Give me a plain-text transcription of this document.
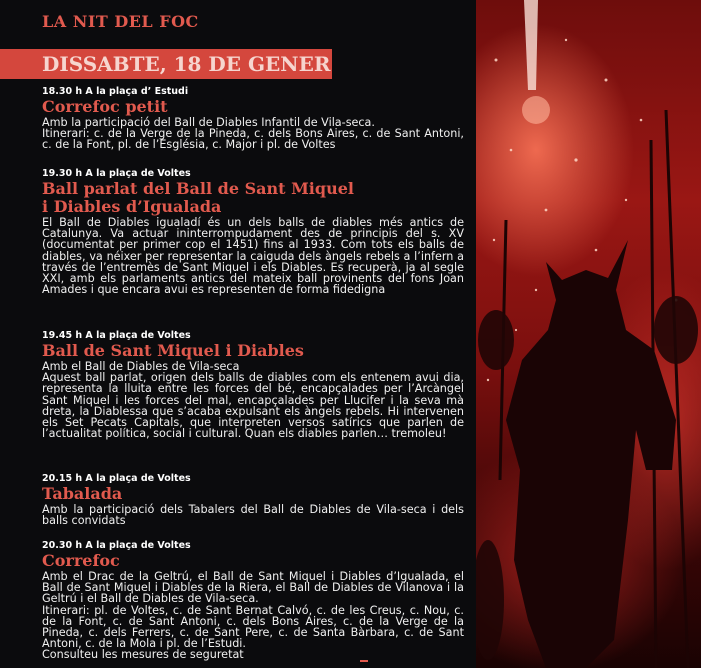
LA NIT DEL FOC
DISSABTE, 18 DE GENER
18.30 h A la plaça d’ Estudi
Correfoc petit

Amb la participació del Ball de Diables Infantil de Vila-seca.

Itinerari: c. de la Verge de la Pineda, c. dels Bons Aires, c. de Sant Antoni, c. de la Font, pl. de l’Església, c. Major i pl. de Voltes

19.30 h A la plaça de Voltes
Ball parlat del Ball de Sant Miquel i Diables d’Igualada

El Ball de Diables igualadí és un dels balls de diables més antics de Catalunya. Va actuar ininterrompudament des de principis del s. XV (documentat per primer cop el 1451) fins al 1933. Com tots els balls de diables, va néixer per representar la caiguda dels àngels rebels a l’infern a través de l’entremès de Sant Miquel i els Diables. Es recuperà, ja al segle XXI, amb els parlaments antics del mateix ball provinents del fons Joan Amades i que encara avui es representen de forma fidedigna

19.45 h A la plaça de Voltes
Ball de Sant Miquel i Diables

Amb el Ball de Diables de Vila-seca

Aquest ball parlat, origen dels balls de diables com els entenem avui dia, representa la lluita entre les forces del bé, encapçalades per l’Arcàngel Sant Miquel i les forces del mal, encapçalades per Llucifer i la seva mà dreta, la Diablessa que s’acaba expulsant els àngels rebels. Hi intervenen els Set Pecats Capitals, que interpreten versos satírics que parlen de l’actualitat política, social i cultural. Quan els diables parlen… tremoleu!

20.15 h A la plaça de Voltes
Tabalada

Amb la participació dels Tabalers del Ball de Diables de Vila-seca i dels balls convidats

20.30 h A la plaça de Voltes
Correfoc

Amb el Drac de la Geltrú, el Ball de Sant Miquel i Diables d’Igualada, el Ball de Sant Miquel i Diables de la Riera, el Ball de Diables de Vilanova i la Geltrú i el Ball de Diables de Vila-seca.

Itinerari: pl. de Voltes, c. de Sant Bernat Calvó, c. de les Creus, c. Nou, c. de la Font, c. de Sant Antoni, c. dels Bons Aires, c. de la Verge de la Pineda, c. dels Ferrers, c. de Sant Pere, c. de Santa Bàrbara, c. de Sant Antoni, c. de la Mola i pl. de l’Estudi.

Consulteu les mesures de seguretat
